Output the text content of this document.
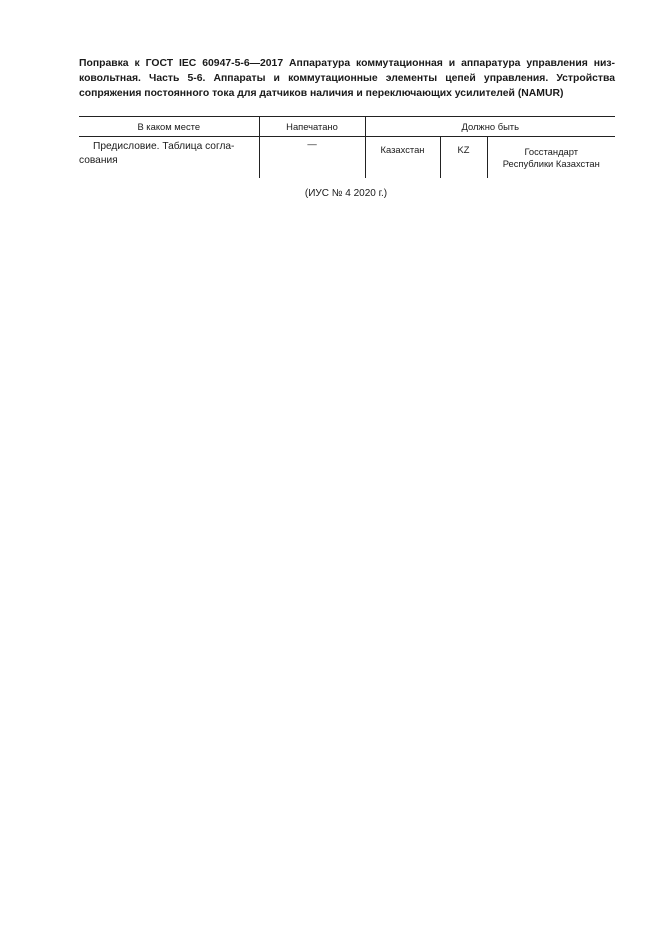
Поправка к ГОСТ IEC 60947-5-6—2017 Аппаратура коммутационная и аппаратура управления низ-
ковольтная. Часть 5-6. Аппараты и коммутационные элементы цепей управления. Устройства
сопряжения постоянного тока для датчиков наличия и переключающих усилителей (NAMUR)
В каком месте	Напечатано	Должно быть		
Предисловие. Таблица согла-
сования	—	Казахстан	KZ	Госстандарт
Республики Казахстан
(ИУС № 4 2020 г.)
